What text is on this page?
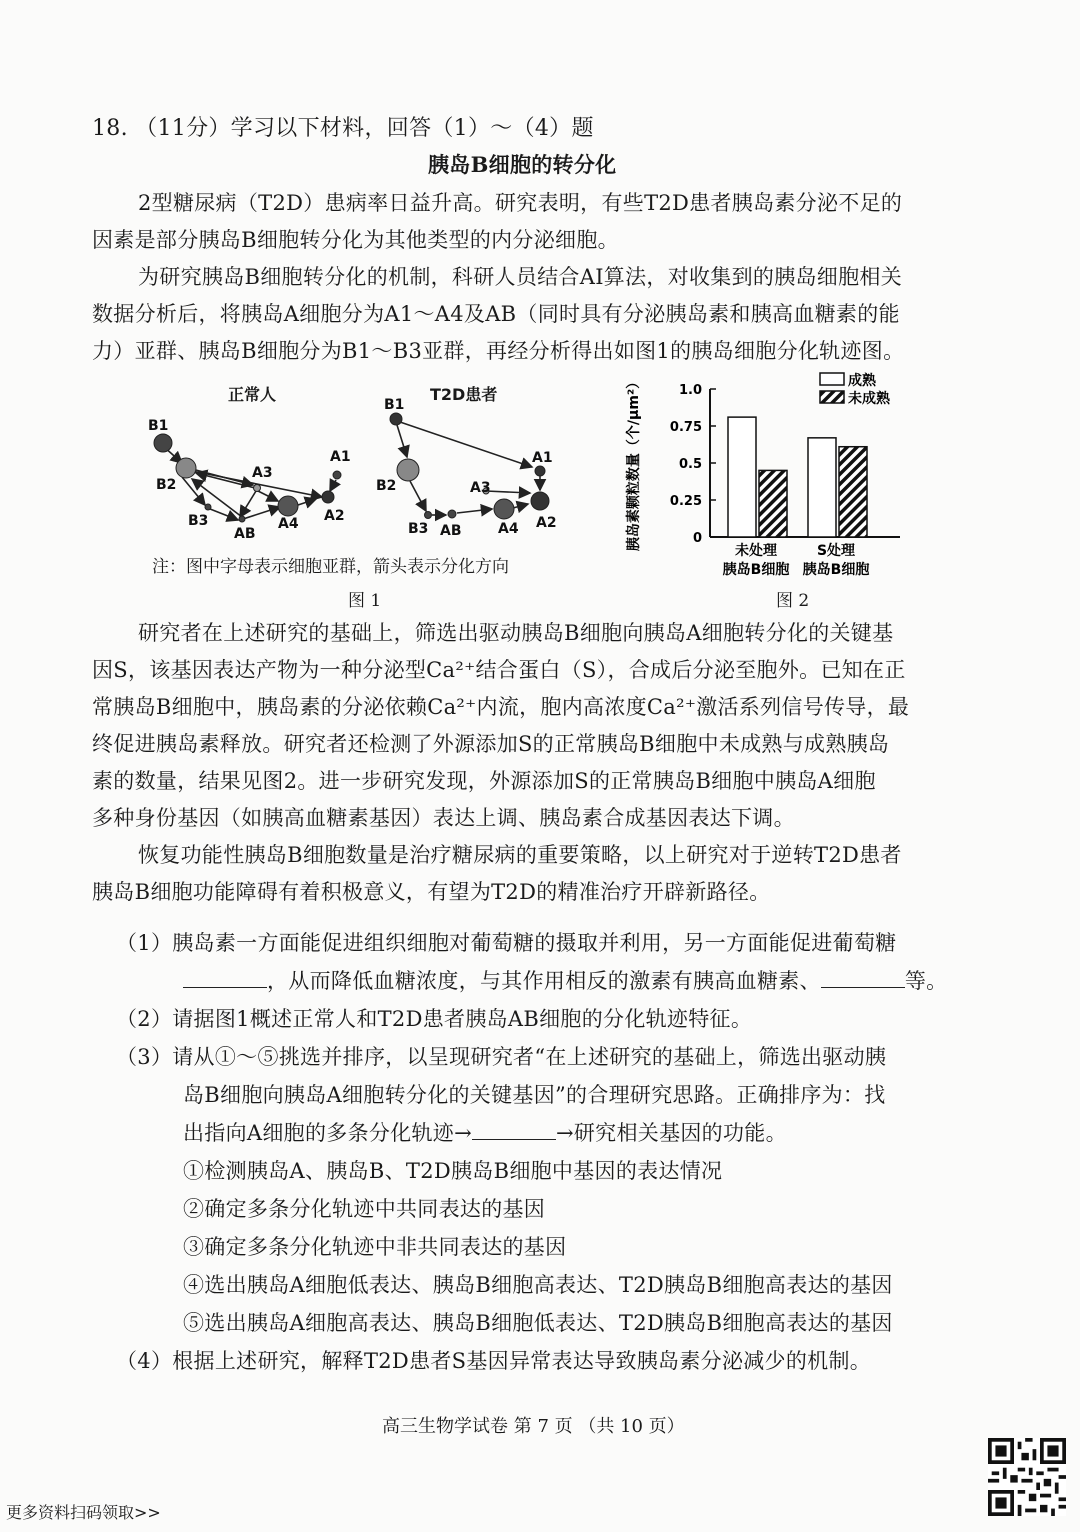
18. （11分）学习以下材料，回答（1）～（4）题
胰岛B细胞的转分化
2型糖尿病（T2D）患病率日益升高。研究表明，有些T2D患者胰岛素分泌不足的
因素是部分胰岛B细胞转分化为其他类型的内分泌细胞。
为研究胰岛B细胞转分化的机制，科研人员结合AI算法，对收集到的胰岛细胞相关
数据分析后，将胰岛A细胞分为A1～A4及AB（同时具有分泌胰岛素和胰高血糖素的能
力）亚群、胰岛B细胞分为B1～B3亚群，再经分析得出如图1的胰岛细胞分化轨迹图。
正常人	T2D患者
B1
B2
A3
A1
B3
AB
A4 A2
B1
A1
B2	A3
B3 AB	A4 A2
注：图中字母表示细胞亚群，箭头表示分化方向
图 1
0
0.25
0.5
0.75
1.0
胰岛素颗粒数量（个/μm²）	未处理
胰岛B细胞
S处理
胰岛B细胞
成熟
未成熟
图 2
研究者在上述研究的基础上，筛选出驱动胰岛B细胞向胰岛A细胞转分化的关键基
因S，该基因表达产物为一种分泌型Ca²⁺结合蛋白（S），合成后分泌至胞外。已知在正
常胰岛B细胞中，胰岛素的分泌依赖Ca²⁺内流，胞内高浓度Ca²⁺激活系列信号传导，最
终促进胰岛素释放。研究者还检测了外源添加S的正常胰岛B细胞中未成熟与成熟胰岛
素的数量，结果见图2。进一步研究发现，外源添加S的正常胰岛B细胞中胰岛A细胞
多种身份基因（如胰高血糖素基因）表达上调、胰岛素合成基因表达下调。
恢复功能性胰岛B细胞数量是治疗糖尿病的重要策略，以上研究对于逆转T2D患者
胰岛B细胞功能障碍有着积极意义，有望为T2D的精准治疗开辟新路径。
（1）胰岛素一方面能促进组织细胞对葡萄糖的摄取并利用，另一方面能促进葡萄糖
，从而降低血糖浓度，与其作用相反的激素有胰高血糖素、	等。
（2）请据图1概述正常人和T2D患者胰岛AB细胞的分化轨迹特征。
（3）请从①～⑤挑选并排序，以呈现研究者“在上述研究的基础上，筛选出驱动胰
岛B细胞向胰岛A细胞转分化的关键基因”的合理研究思路。正确排序为：找
出指向A细胞的多条分化轨迹→	→研究相关基因的功能。
①检测胰岛A、胰岛B、T2D胰岛B细胞中基因的表达情况
②确定多条分化轨迹中共同表达的基因
③确定多条分化轨迹中非共同表达的基因
④选出胰岛A细胞低表达、胰岛B细胞高表达、T2D胰岛B细胞高表达的基因
⑤选出胰岛A细胞高表达、胰岛B细胞低表达、T2D胰岛B细胞高表达的基因
（4）根据上述研究，解释T2D患者S基因异常表达导致胰岛素分泌减少的机制。
高三生物学试卷 第 7 页 （共 10 页）
更多资料扫码领取>>
